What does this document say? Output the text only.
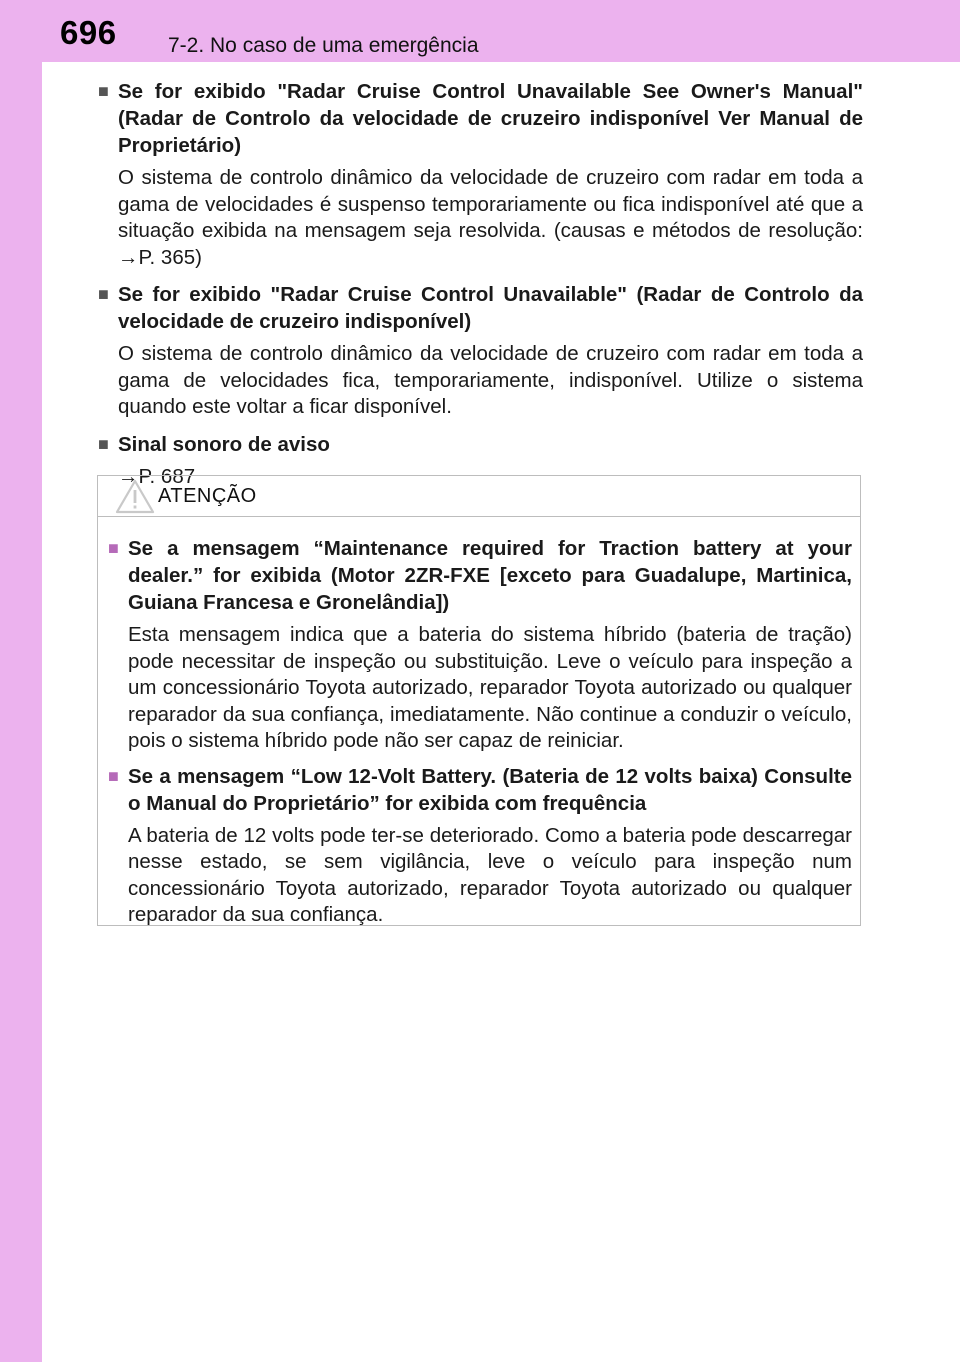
696 7-2. No caso de uma emergência
■ Se for exibido "Radar Cruise Control Unavailable See Owner's Manual" (Radar de Controlo da velocidade de cruzeiro indisponível Ver Manual de Proprietário)
O sistema de controlo dinâmico da velocidade de cruzeiro com radar em toda a gama de velocidades é suspenso temporariamente ou fica indisponível até que a situação exibida na mensagem seja resolvida. (causas e métodos de resolução: →P. 365)
■ Se for exibido "Radar Cruise Control Unavailable" (Radar de Controlo da velocidade de cruzeiro indisponível)
O sistema de controlo dinâmico da velocidade de cruzeiro com radar em toda a gama de velocidades fica, temporariamente, indisponível. Utilize o sistema quando este voltar a ficar disponível.
■ Sinal sonoro de aviso
→P. 687
ATENÇÃO
■ Se a mensagem “Maintenance required for Traction battery at your dealer.” for exibida (Motor 2ZR-FXE [exceto para Guadalupe, Martinica, Guiana Francesa e Gronelândia])
Esta mensagem indica que a bateria do sistema híbrido (bateria de tração) pode necessitar de inspeção ou substituição. Leve o veículo para inspeção a um concessionário Toyota autorizado, reparador Toyota autorizado ou qualquer reparador da sua confiança, imediatamente. Não continue a conduzir o veículo, pois o sistema híbrido pode não ser capaz de reiniciar.
■ Se a mensagem “Low 12-Volt Battery. (Bateria de 12 volts baixa) Consulte o Manual do Proprietário” for exibida com frequência
A bateria de 12 volts pode ter-se deteriorado. Como a bateria pode descarregar nesse estado, se sem vigilância, leve o veículo para inspeção num concessionário Toyota autorizado, reparador Toyota autorizado ou qualquer reparador da sua confiança.
